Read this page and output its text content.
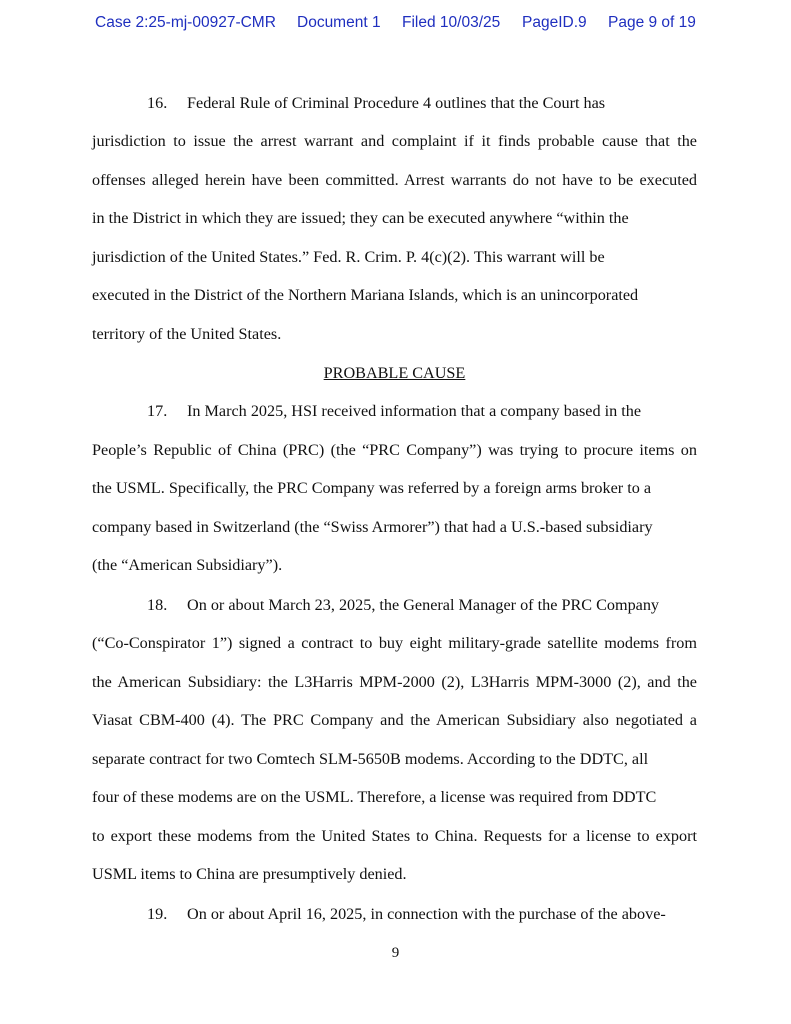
Case 2:25-mj-00927-CMR Document 1 Filed 10/03/25 PageID.9 Page 9 of 19
16. Federal Rule of Criminal Procedure 4 outlines that the Court has
jurisdiction to issue the arrest warrant and complaint if it finds probable cause that the
offenses alleged herein have been committed. Arrest warrants do not have to be executed
in the District in which they are issued; they can be executed anywhere “within the
jurisdiction of the United States.” Fed. R. Crim. P. 4(c)(2). This warrant will be
executed in the District of the Northern Mariana Islands, which is an unincorporated
territory of the United States.
PROBABLE CAUSE
17. In March 2025, HSI received information that a company based in the
People’s Republic of China (PRC) (the “PRC Company”) was trying to procure items on
the USML. Specifically, the PRC Company was referred by a foreign arms broker to a
company based in Switzerland (the “Swiss Armorer”) that had a U.S.-based subsidiary
(the “American Subsidiary”).
18. On or about March 23, 2025, the General Manager of the PRC Company
(“Co-Conspirator 1”) signed a contract to buy eight military-grade satellite modems from
the American Subsidiary: the L3Harris MPM-2000 (2), L3Harris MPM-3000 (2), and the
Viasat CBM-400 (4). The PRC Company and the American Subsidiary also negotiated a
separate contract for two Comtech SLM-5650B modems. According to the DDTC, all
four of these modems are on the USML. Therefore, a license was required from DDTC
to export these modems from the United States to China. Requests for a license to export
USML items to China are presumptively denied.
19. On or about April 16, 2025, in connection with the purchase of the above-
9
